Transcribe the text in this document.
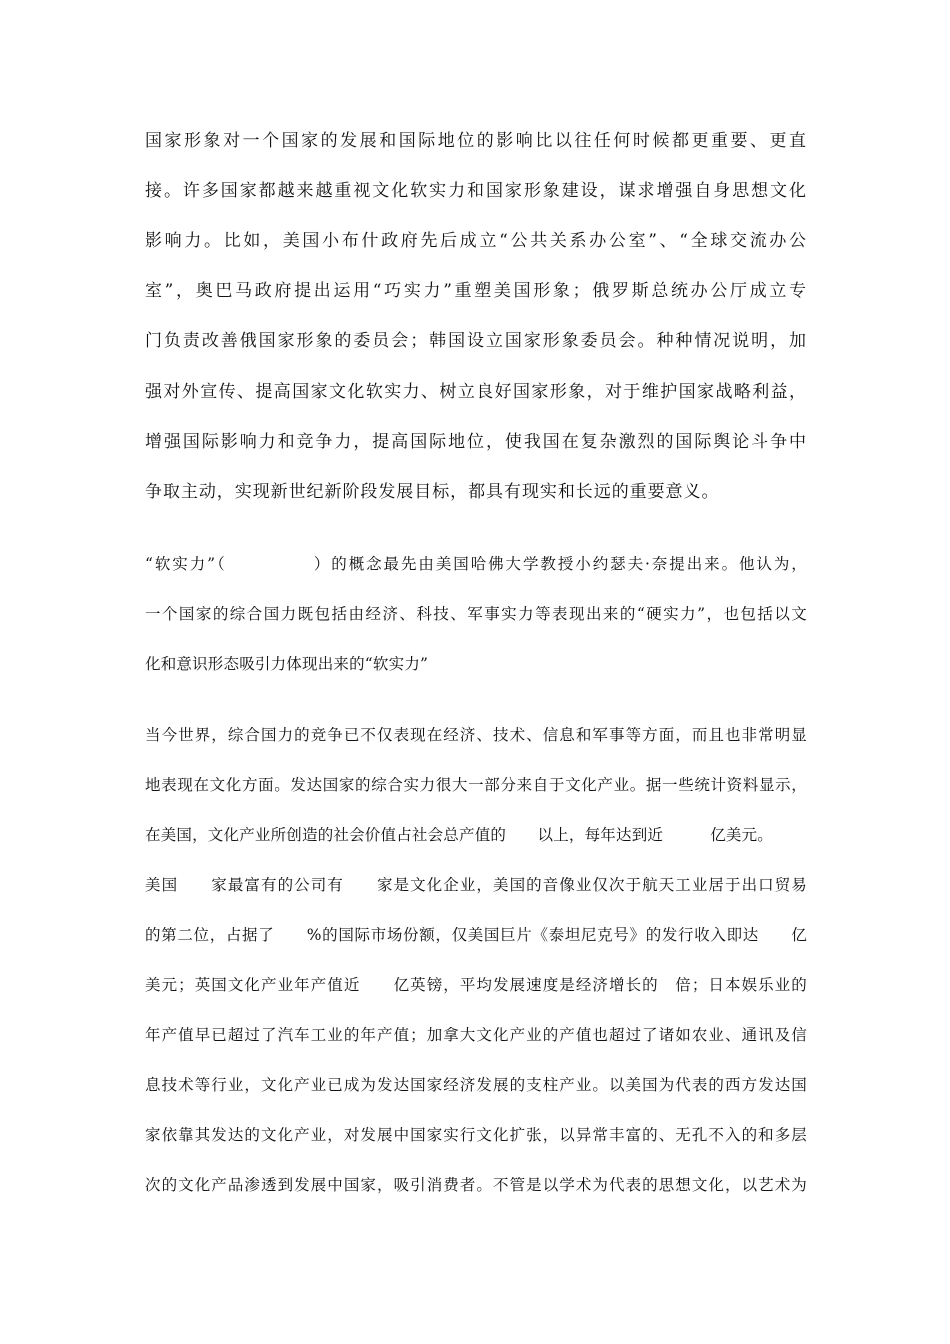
国家形象对一个国家的发展和国际地位的影响比以往任何时候都更重要、更直
接。许多国家都越来越重视文化软实力和国家形象建设，谋求增强自身思想文化
影响力。比如，美国小布什政府先后成立“公共关系办公室”、“全球交流办公
室”，奥巴马政府提出运用“巧实力”重塑美国形象；俄罗斯总统办公厅成立专
门负责改善俄国家形象的委员会；韩国设立国家形象委员会。种种情况说明，加
强对外宣传、提高国家文化软实力、树立良好国家形象，对于维护国家战略利益，
增强国际影响力和竞争力，提高国际地位，使我国在复杂激烈的国际舆论斗争中
争取主动，实现新世纪新阶段发展目标，都具有现实和长远的重要意义。
“软实力”（　　　　　）的概念最先由美国哈佛大学教授小约瑟夫·奈提出来。他认为，
一个国家的综合国力既包括由经济、科技、军事实力等表现出来的“硬实力”，也包括以文
化和意识形态吸引力体现出来的“软实力”
当今世界，综合国力的竞争已不仅表现在经济、技术、信息和军事等方面，而且也非常明显
地表现在文化方面。发达国家的综合实力很大一部分来自于文化产业。据一些统计资料显示，
在美国，文化产业所创造的社会价值占社会总产值的　　以上，每年达到近　　　亿美元。
美国　　家最富有的公司有　　家是文化企业，美国的音像业仅次于航天工业居于出口贸易
的第二位，占据了　　%的国际市场份额，仅美国巨片《泰坦尼克号》的发行收入即达　　亿
美元；英国文化产业年产值近　　亿英镑，平均发展速度是经济增长的　倍；日本娱乐业的
年产值早已超过了汽车工业的年产值；加拿大文化产业的产值也超过了诸如农业、通讯及信
息技术等行业，文化产业已成为发达国家经济发展的支柱产业。以美国为代表的西方发达国
家依靠其发达的文化产业，对发展中国家实行文化扩张，以异常丰富的、无孔不入的和多层
次的文化产品渗透到发展中国家，吸引消费者。不管是以学术为代表的思想文化，以艺术为
